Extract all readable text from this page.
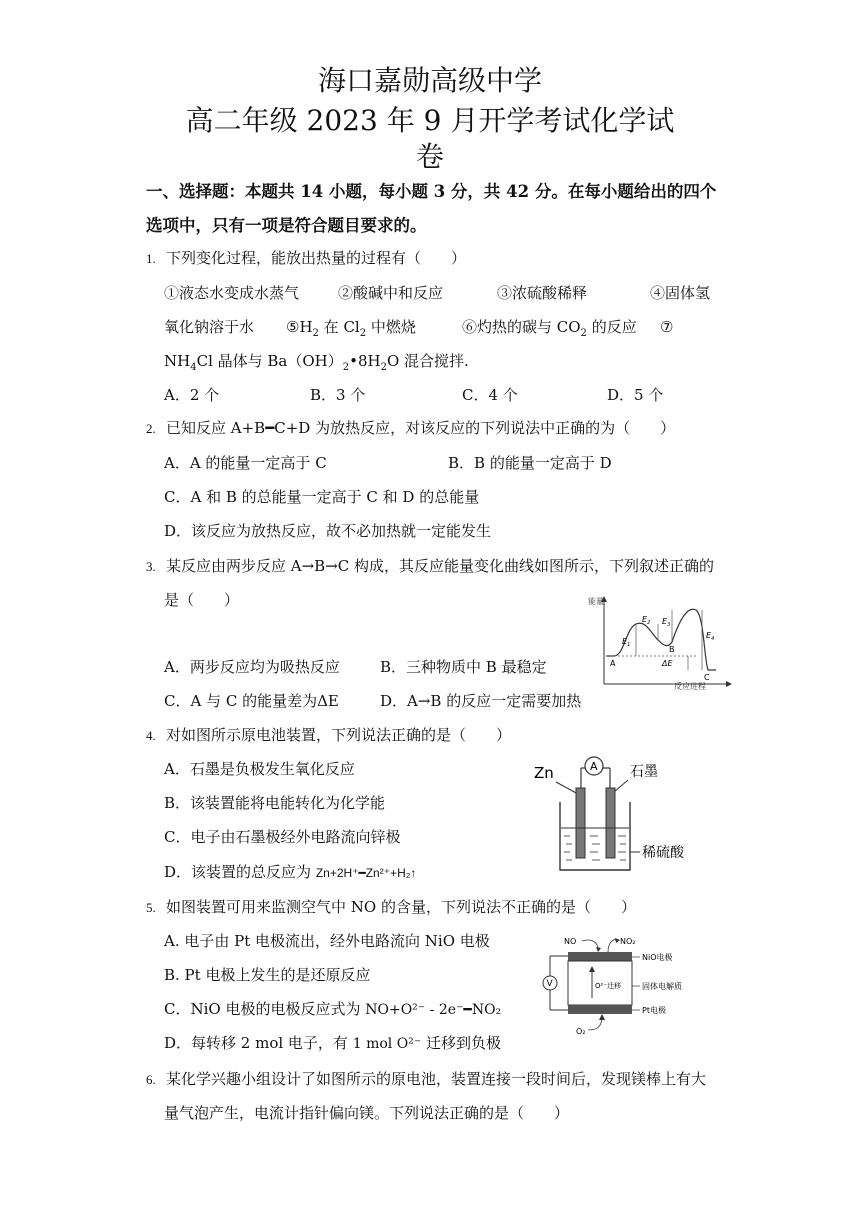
海口嘉勋高级中学
高二年级 2023 年 9 月开学考试化学试
卷
一、选择题：本题共 14 小题，每小题 3 分，共 42 分。在每小题给出的四个
选项中，只有一项是符合题目要求的。
1. 下列变化过程，能放出热量的过程有（　　）
①液态水变成水蒸气	②酸碱中和反应	③浓硫酸稀释	④固体氢
氧化钠溶于水 $⑤H_2$ 在 $Cl_2$ 中燃烧	⑥灼热的碳与 $CO_2$ 的反应 ⑦
$NH_4Cl$ 晶体与 $Ba(OH)_2•8H_2O$ 混合搅拌.
A．2 个	B．3 个	C．4 个	D．5 个
2. 已知反应 A+B━C+D 为放热反应，对该反应的下列说法中正确的为（　　）
A．A 的能量一定高于 C	B．B 的能量一定高于 D
C．A 和 B 的总能量一定高于 C 和 D 的总能量
D．该反应为放热反应，故不必加热就一定能发生
3. 某反应由两步反应 A→B→C 构成，其反应能量变化曲线如图所示，下列叙述正确的
是（　　）
A．两步反应均为吸热反应	B．三种物质中 B 最稳定
C．A 与 C 的能量差为ΔE	D．A→B 的反应一定需要加热
能量
反应进程
$E_1$
$E_2$ $E_3$
$E_4$
ΔE
A
B
C
4. 对如图所示原电池装置，下列说法正确的是（　　）
A．石墨是负极发生氧化反应
B．该装置能将电能转化为化学能
C．电子由石墨极经外电路流向锌极
D．该装置的总反应为 Zn+2H⁺━Zn²⁺+H₂↑
Zn	A 石墨
稀硫酸
5. 如图装置可用来监测空气中 NO 的含量，下列说法不正确的是（　　）
A. 电子由 Pt 电极流出，经外电路流向 NiO 电极
B. Pt 电极上发生的是还原反应
C．NiO 电极的电极反应式为 NO+O²⁻ - 2e⁻━NO₂
D．每转移 2 mol 电子，有 1 mol O²⁻ 迁移到负极
NO	NO₂
NiO电极
O²⁻迁移	固体电解质
Pt电极
V
O₂
6. 某化学兴趣小组设计了如图所示的原电池，装置连接一段时间后，发现镁棒上有大
量气泡产生，电流计指针偏向镁。下列说法正确的是（　　）
